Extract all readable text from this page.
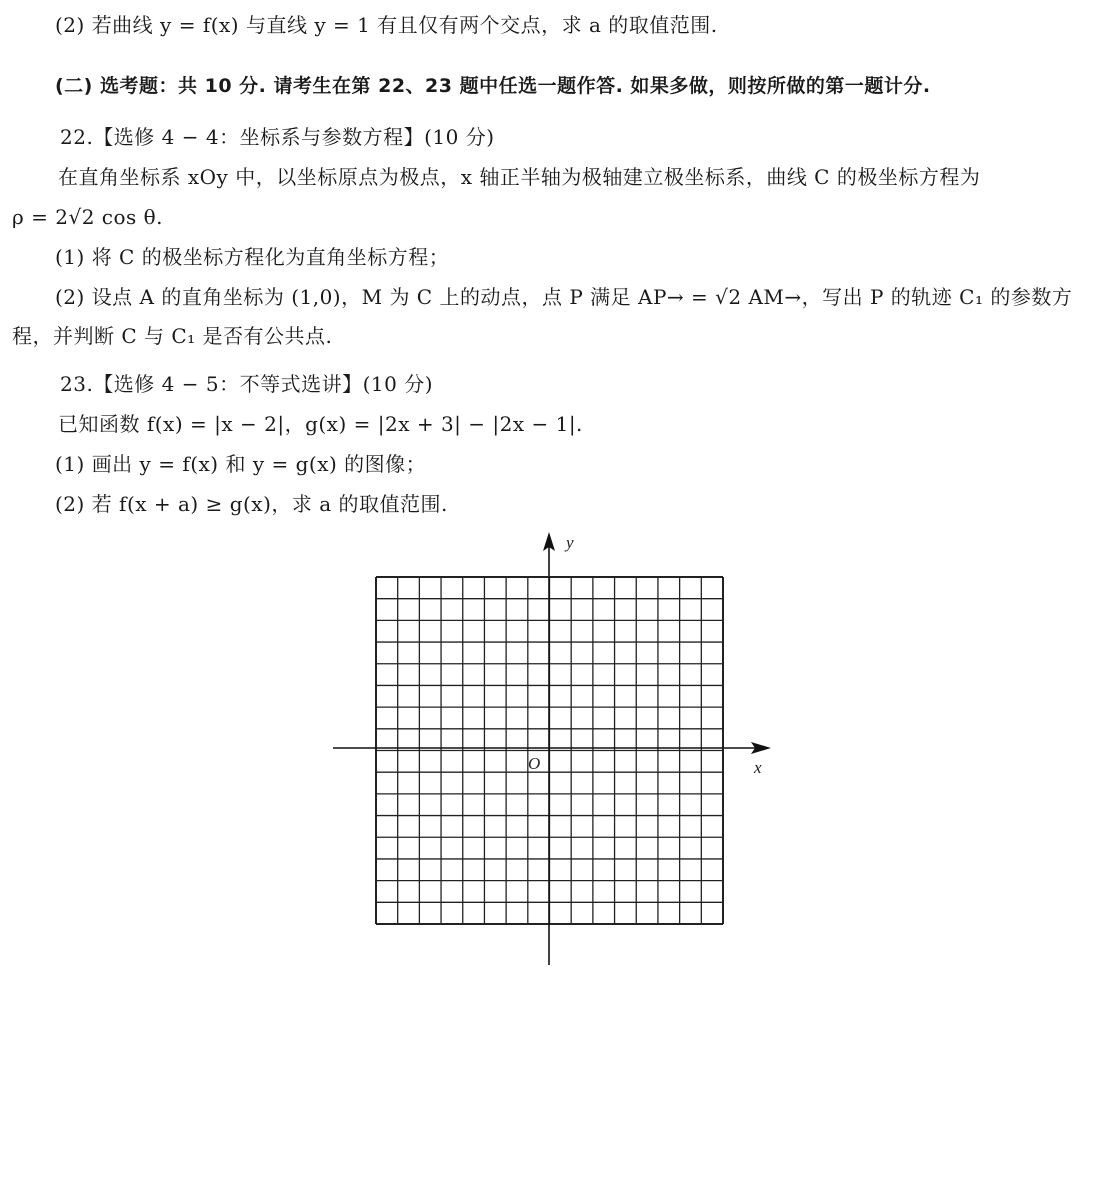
(2) 若曲线 y = f(x) 与直线 y = 1 有且仅有两个交点，求 a 的取值范围.
(二) 选考题：共 10 分. 请考生在第 22、23 题中任选一题作答. 如果多做，则按所做的第一题计分.
22.【选修 4 − 4：坐标系与参数方程】(10 分)
在直角坐标系 xOy 中，以坐标原点为极点，x 轴正半轴为极轴建立极坐标系，曲线 C 的极坐标方程为
ρ = 2√2 cos θ.
(1) 将 C 的极坐标方程化为直角坐标方程；
(2) 设点 A 的直角坐标为 (1,0)，M 为 C 上的动点，点 P 满足 AP→ = √2 AM→，写出 P 的轨迹 C₁ 的参数方
程，并判断 C 与 C₁ 是否有公共点.
23.【选修 4 − 5：不等式选讲】(10 分)
已知函数 f(x) = |x − 2|，g(x) = |2x + 3| − |2x − 1|.
(1) 画出 y = f(x) 和 y = g(x) 的图像；
(2) 若 f(x + a) ≥ g(x)，求 a 的取值范围.
y
x
O
